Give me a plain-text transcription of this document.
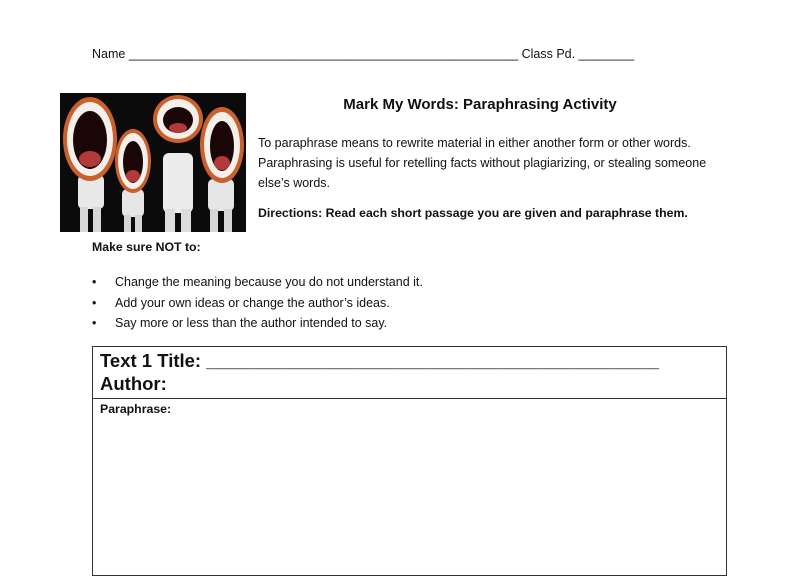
Name ________________________________________________________ Class Pd. ________
Mark My Words: Paraphrasing Activity

To paraphrase means to rewrite material in either another form or other words. Paraphrasing is useful for retelling facts without plagiarizing, or stealing someone else’s words.

Directions: Read each short passage you are given and paraphrase them.
Make sure NOT to:
• Change the meaning because you do not understand it.
• Add your own ideas or change the author’s ideas.
• Say more or less than the author intended to say.
Text 1 Title: ____________________________________________
Author:
Paraphrase:
